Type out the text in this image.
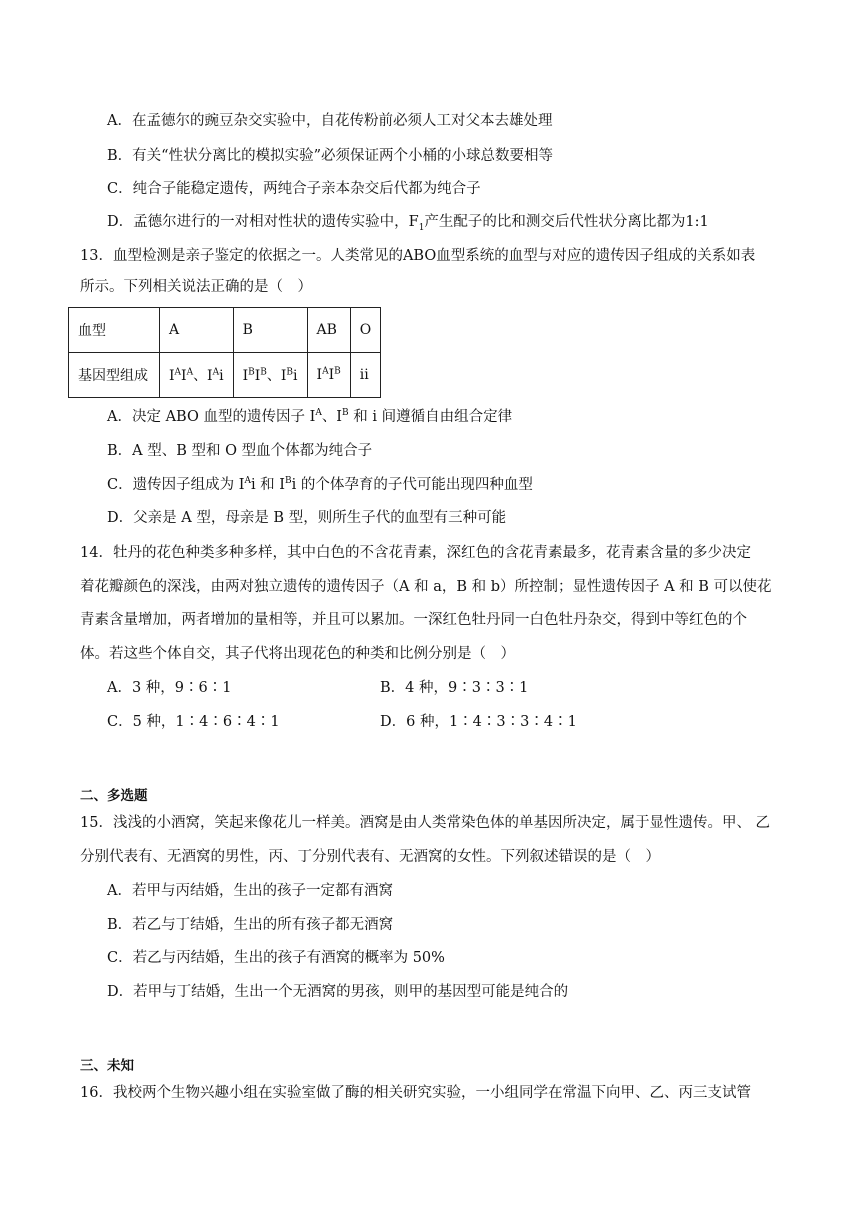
A．在孟德尔的豌豆杂交实验中，自花传粉前必须人工对父本去雄处理
B．有关“性状分离比的模拟实验”必须保证两个小桶的小球总数要相等
C．纯合子能稳定遗传，两纯合子亲本杂交后代都为纯合子
D．孟德尔进行的一对相对性状的遗传实验中，$F_1$产生配子的比和测交后代性状分离比都为1:1
13．血型检测是亲子鉴定的依据之一。人类常见的ABO血型系统的血型与对应的遗传因子组成的关系如表
所示。下列相关说法正确的是（　）
血型	A	B	AB	O
基因型组成	$I^AI^A$、$I^Ai$	$I^BI^B$、$I^Bi$	$I^AI^B$	ii
A．决定 ABO 血型的遗传因子 $I^A$、$I^B$ 和 i 间遵循自由组合定律
B．A 型、B 型和 O 型血个体都为纯合子
C．遗传因子组成为 $I^Ai$ 和 $I^Bi$ 的个体孕育的子代可能出现四种血型
D．父亲是 A 型，母亲是 B 型，则所生子代的血型有三种可能
14．牡丹的花色种类多种多样，其中白色的不含花青素，深红色的含花青素最多，花青素含量的多少决定
着花瓣颜色的深浅，由两对独立遗传的遗传因子（A 和 a，B 和 b）所控制；显性遗传因子 A 和 B 可以使花
青素含量增加，两者增加的量相等，并且可以累加。一深红色牡丹同一白色牡丹杂交，得到中等红色的个
体。若这些个体自交，其子代将出现花色的种类和比例分别是（　）
A．3 种，9∶6∶1	B．4 种，9∶3∶3∶1
C．5 种，1∶4∶6∶4∶1	D．6 种，1∶4∶3∶3∶4∶1
二、多选题
15．浅浅的小酒窝，笑起来像花儿一样美。酒窝是由人类常染色体的单基因所决定，属于显性遗传。甲、 乙
分别代表有、无酒窝的男性，丙、丁分别代表有、无酒窝的女性。下列叙述错误的是（　）
A．若甲与丙结婚，生出的孩子一定都有酒窝
B．若乙与丁结婚，生出的所有孩子都无酒窝
C．若乙与丙结婚，生出的孩子有酒窝的概率为 50%
D．若甲与丁结婚，生出一个无酒窝的男孩，则甲的基因型可能是纯合的
三、未知
16．我校两个生物兴趣小组在实验室做了酶的相关研究实验，一小组同学在常温下向甲、乙、丙三支试管
